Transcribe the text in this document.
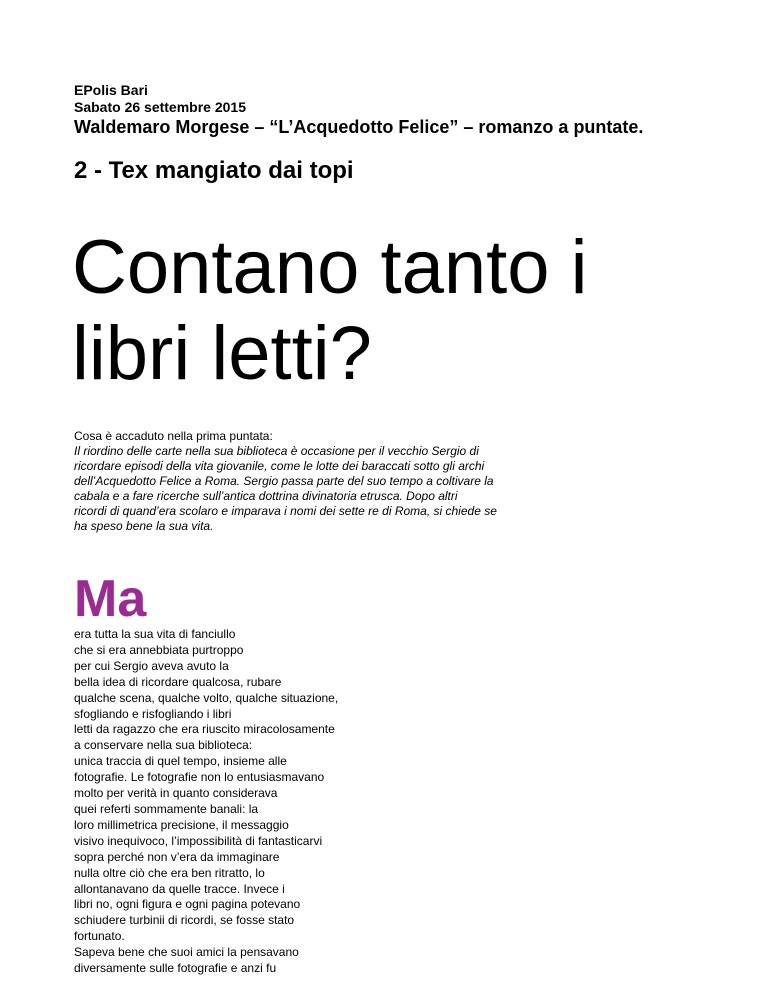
EPolis Bari
Sabato 26 settembre 2015
Waldemaro Morgese – “L’Acquedotto Felice” – romanzo a puntate.
2 - Tex mangiato dai topi
Contano tanto i
libri letti?
Cosa è accaduto nella prima puntata:
Il riordino delle carte nella sua biblioteca è occasione per il vecchio Sergio di
ricordare episodi della vita giovanile, come le lotte dei baraccati sotto gli archi
dell’Acquedotto Felice a Roma. Sergio passa parte del suo tempo a coltivare la
cabala e a fare ricerche sull’antica dottrina divinatoria etrusca. Dopo altri
ricordi di quand’era scolaro e imparava i nomi dei sette re di Roma, si chiede se
ha speso bene la sua vita.
Ma
era tutta la sua vita di fanciullo
che si era annebbiata purtroppo
per cui Sergio aveva avuto la
bella idea di ricordare qualcosa, rubare
qualche scena, qualche volto, qualche situazione,
sfogliando e risfogliando i libri
letti da ragazzo che era riuscito miracolosamente
a conservare nella sua biblioteca:
unica traccia di quel tempo, insieme alle
fotografie. Le fotografie non lo entusiasmavano
molto per verità in quanto considerava
quei referti sommamente banali: la
loro millimetrica precisione, il messaggio
visivo inequivoco, l’impossibilità di fantasticarvi
sopra perché non v’era da immaginare
nulla oltre ciò che era ben ritratto, lo
allontanavano da quelle tracce. Invece i
libri no, ogni figura e ogni pagina potevano
schiudere turbinii di ricordi, se fosse stato
fortunato.
Sapeva bene che suoi amici la pensavano
diversamente sulle fotografie e anzi fu
